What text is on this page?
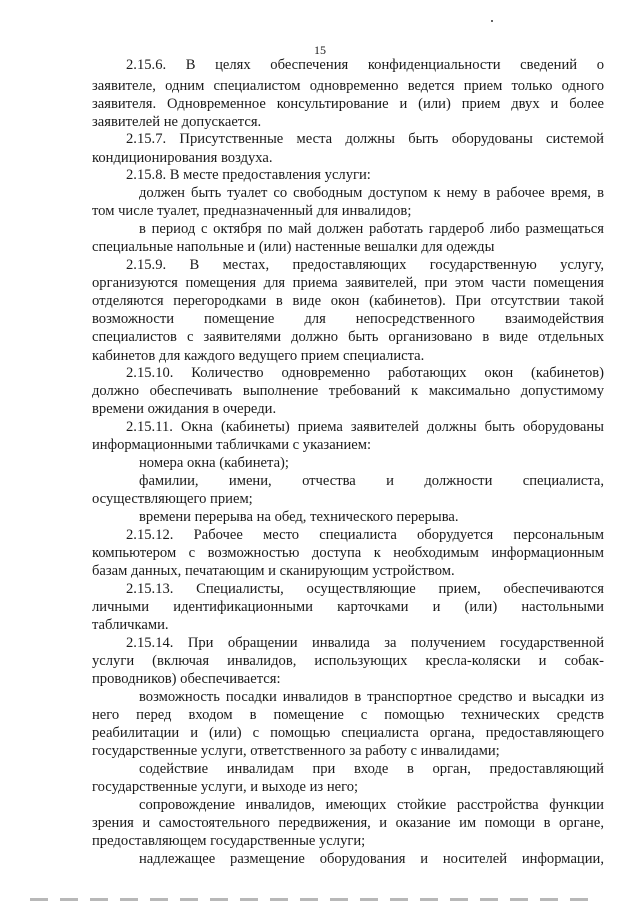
15
2.15.6. В целях обеспечения конфиденциальности сведений о
заявителе, одним специалистом одновременно ведется прием только одного
заявителя. Одновременное консультирование и (или) прием двух и более
заявителей не допускается.
2.15.7. Присутственные места должны быть оборудованы системой
кондиционирования воздуха.
2.15.8. В месте предоставления услуги:
должен быть туалет со свободным доступом к нему в рабочее время, в
том числе туалет, предназначенный для инвалидов;
в период с октября по май должен работать гардероб либо размещаться
специальные напольные и (или) настенные вешалки для одежды
2.15.9. В местах, предоставляющих государственную услугу,
организуются помещения для приема заявителей, при этом части помещения
отделяются перегородками в виде окон (кабинетов). При отсутствии такой
возможности помещение для непосредственного взаимодействия
специалистов с заявителями должно быть организовано в виде отдельных
кабинетов для каждого ведущего прием специалиста.
2.15.10. Количество одновременно работающих окон (кабинетов)
должно обеспечивать выполнение требований к максимально допустимому
времени ожидания в очереди.
2.15.11. Окна (кабинеты) приема заявителей должны быть оборудованы
информационными табличками с указанием:
номера окна (кабинета);
фамилии, имени, отчества и должности специалиста,
осуществляющего прием;
времени перерыва на обед, технического перерыва.
2.15.12. Рабочее место специалиста оборудуется персональным
компьютером с возможностью доступа к необходимым информационным
базам данных, печатающим и сканирующим устройством.
2.15.13. Специалисты, осуществляющие прием, обеспечиваются
личными идентификационными карточками и (или) настольными
табличками.
2.15.14. При обращении инвалида за получением государственной
услуги (включая инвалидов, использующих кресла-коляски и собак-
проводников) обеспечивается:
возможность посадки инвалидов в транспортное средство и высадки из
него перед входом в помещение с помощью технических средств
реабилитации и (или) с помощью специалиста органа, предоставляющего
государственные услуги, ответственного за работу с инвалидами;
содействие инвалидам при входе в орган, предоставляющий
государственные услуги, и выходе из него;
сопровождение инвалидов, имеющих стойкие расстройства функции
зрения и самостоятельного передвижения, и оказание им помощи в органе,
предоставляющем государственные услуги;
надлежащее размещение оборудования и носителей информации,
